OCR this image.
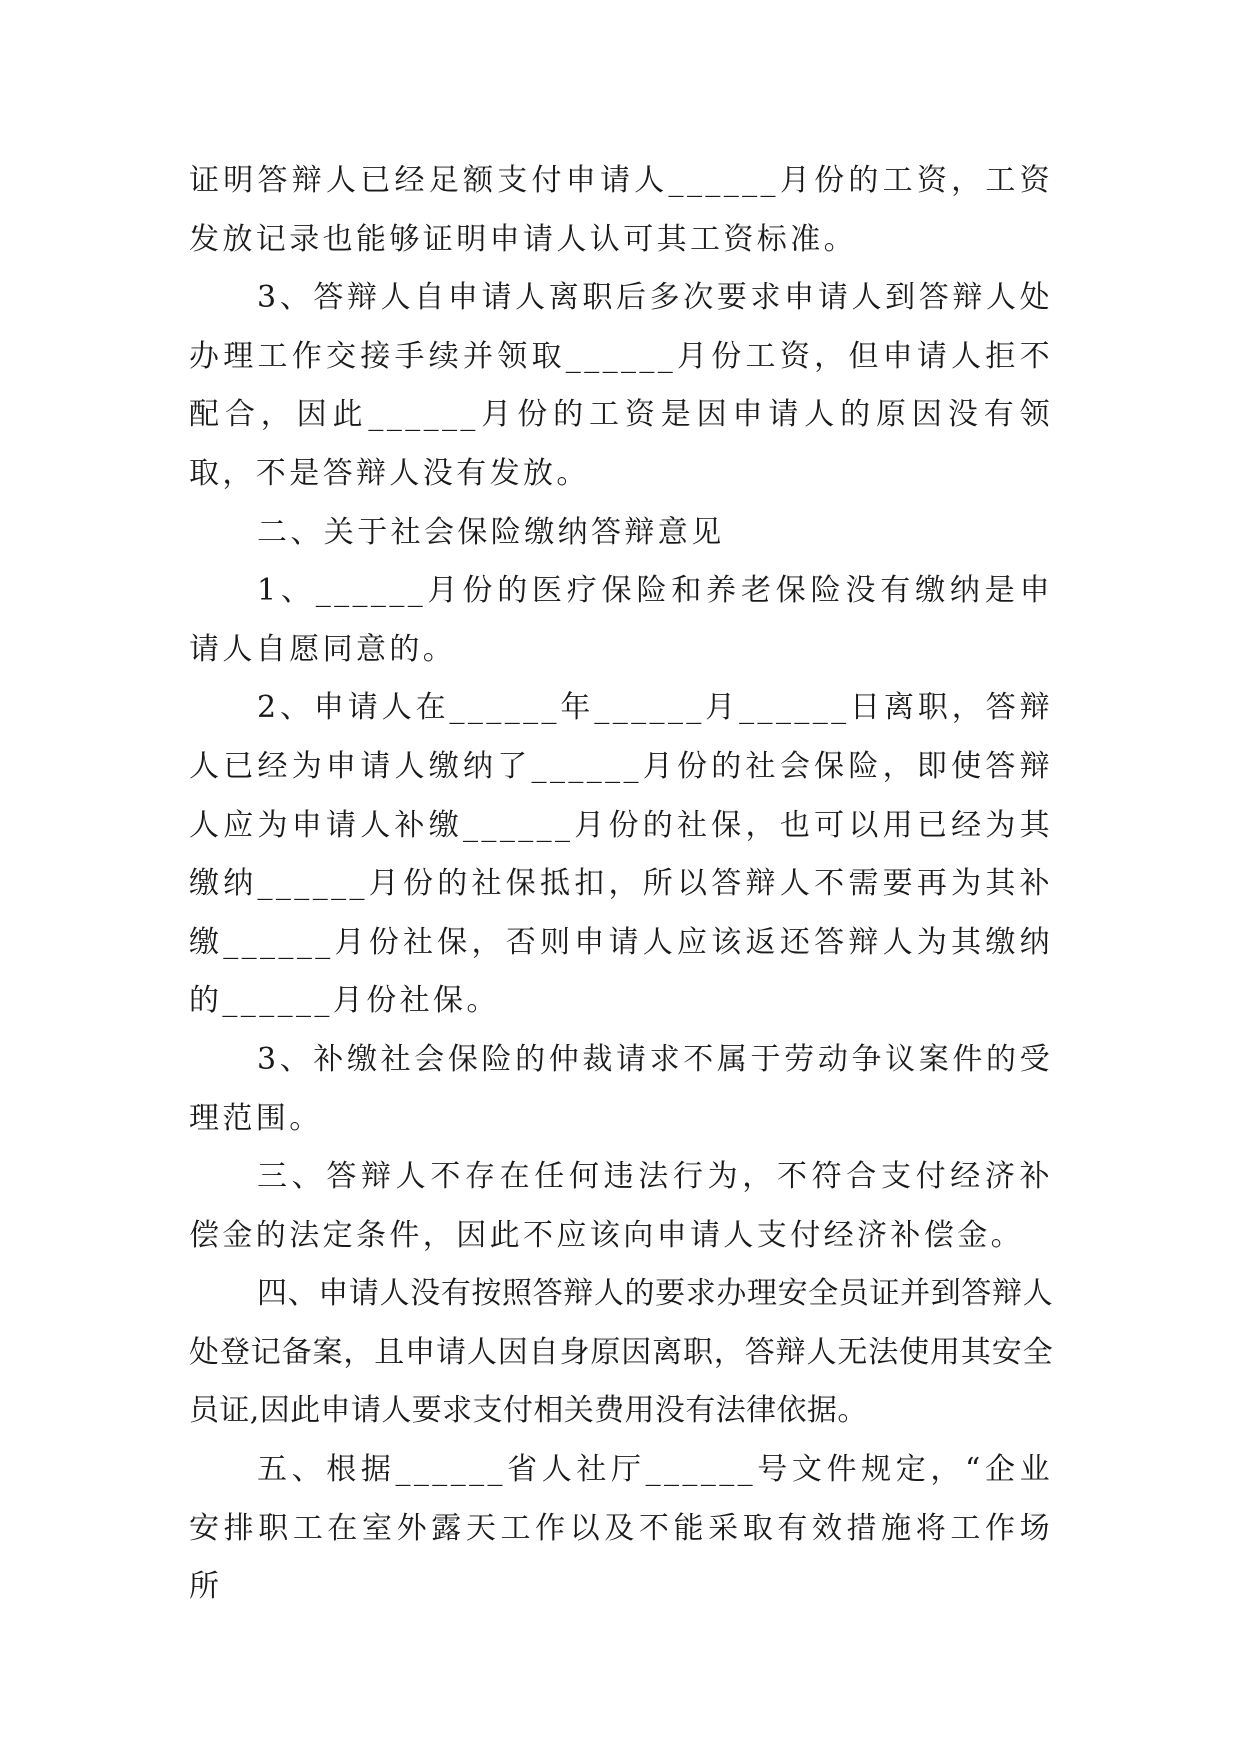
证明答辩人已经足额支付申请人______月份的工资，工资发放记录也能够证明申请人认可其工资标准。

3、答辩人自申请人离职后多次要求申请人到答辩人处办理工作交接手续并领取______月份工资，但申请人拒不配合，因此______月份的工资是因申请人的原因没有领取，不是答辩人没有发放。

二、关于社会保险缴纳答辩意见

1、______月份的医疗保险和养老保险没有缴纳是申请人自愿同意的。

2、申请人在______年______月______日离职，答辩人已经为申请人缴纳了______月份的社会保险，即使答辩人应为申请人补缴______月份的社保，也可以用已经为其缴纳______月份的社保抵扣，所以答辩人不需要再为其补缴______月份社保，否则申请人应该返还答辩人为其缴纳的______月份社保。

3、补缴社会保险的仲裁请求不属于劳动争议案件的受理范围。

三、答辩人不存在任何违法行为，不符合支付经济补偿金的法定条件，因此不应该向申请人支付经济补偿金。

四、申请人没有按照答辩人的要求办理安全员证并到答辩人处登记备案，且申请人因自身原因离职，答辩人无法使用其安全员证,因此申请人要求支付相关费用没有法律依据。

五、根据______省人社厅______号文件规定，“企业安排职工在室外露天工作以及不能采取有效措施将工作场所
